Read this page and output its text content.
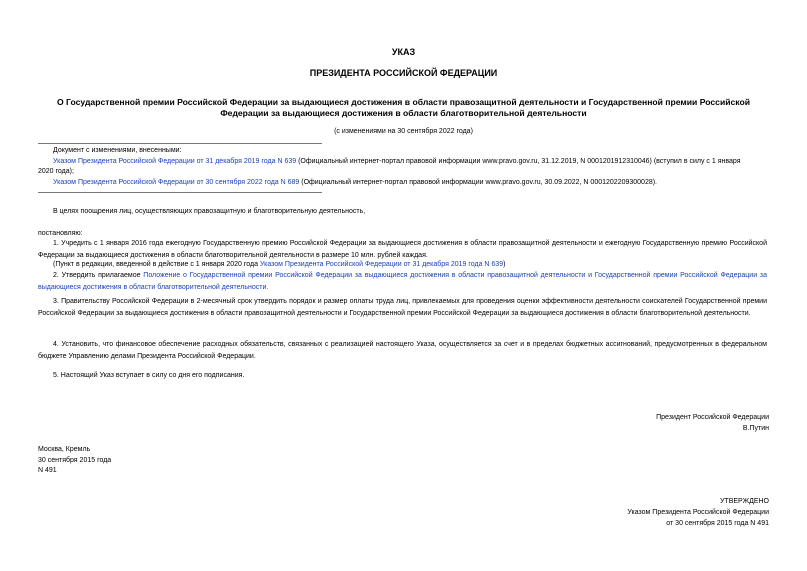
УКАЗ
ПРЕЗИДЕНТА РОССИЙСКОЙ ФЕДЕРАЦИИ
О Государственной премии Российской Федерации за выдающиеся достижения в области правозащитной деятельности и Государственной премии Российской
Федерации за выдающиеся достижения в области благотворительной деятельности
(с изменениями на 30 сентября 2022 года)
Документ с изменениями, внесенными:
Указом Президента Российской Федерации от 31 декабря 2019 года N 639 (Официальный интернет-портал правовой информации www.pravo.gov.ru, 31.12.2019, N 0001201912310046) (вступил в силу с 1 января
2020 года);
Указом Президента Российской Федерации от 30 сентября 2022 года N 689 (Официальный интернет-портал правовой информации www.pravo.gov.ru, 30.09.2022, N 0001202209300028).
В целях поощрения лиц, осуществляющих правозащитную и благотворительную деятельность,
постановляю:
1. Учредить с 1 января 2016 года ежегодную Государственную премию Российской Федерации за выдающиеся достижения в области правозащитной деятельности и ежегодную Государственную премию Российской Федерации за выдающиеся достижения в области благотворительной деятельности в размере 10 млн. рублей каждая.
(Пункт в редакции, введенной в действие с 1 января 2020 года Указом Президента Российской Федерации от 31 декабря 2019 года N 639)
2. Утвердить прилагаемое Положение о Государственной премии Российской Федерации за выдающиеся достижения в области правозащитной деятельности и Государственной премии Российской Федерации за выдающиеся достижения в области благотворительной деятельности.
3. Правительству Российской Федерации в 2-месячный срок утвердить порядок и размер оплаты труда лиц, привлекаемых для проведения оценки эффективности деятельности соискателей Государственной премии Российской Федерации за выдающиеся достижения в области правозащитной деятельности и Государственной премии Российской Федерации за выдающиеся достижения в области благотворительной деятельности.
4. Установить, что финансовое обеспечение расходных обязательств, связанных с реализацией настоящего Указа, осуществляется за счет и в пределах бюджетных ассигнований, предусмотренных в федеральном бюджете Управлению делами Президента Российской Федерации.
5. Настоящий Указ вступает в силу со дня его подписания.
Президент Российской Федерации
В.Путин
Москва, Кремль
30 сентября 2015 года
N 491
УТВЕРЖДЕНО
Указом Президента Российской Федерации
от 30 сентября 2015 года N 491
